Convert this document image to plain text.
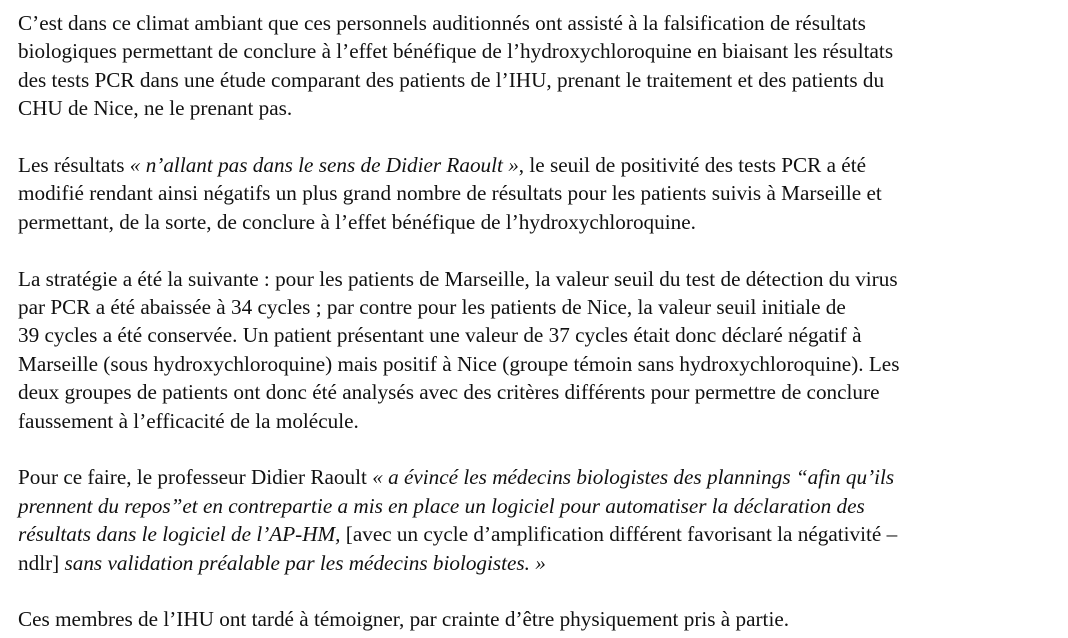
C’est dans ce climat ambiant que ces personnels auditionnés ont assisté à la falsification de résultats
biologiques permettant de conclure à l’effet bénéfique de l’hydroxychloroquine en biaisant les résultats
des tests PCR dans une étude comparant des patients de l’IHU, prenant le traitement et des patients du
CHU de Nice, ne le prenant pas.

Les résultats « n’allant pas dans le sens de Didier Raoult », le seuil de positivité des tests PCR a été
modifié rendant ainsi négatifs un plus grand nombre de résultats pour les patients suivis à Marseille et
permettant, de la sorte, de conclure à l’effet bénéfique de l’hydroxychloroquine.

La stratégie a été la suivante : pour les patients de Marseille, la valeur seuil du test de détection du virus
par PCR a été abaissée à 34 cycles ; par contre pour les patients de Nice, la valeur seuil initiale de
39 cycles a été conservée. Un patient présentant une valeur de 37 cycles était donc déclaré négatif à
Marseille (sous hydroxychloroquine) mais positif à Nice (groupe témoin sans hydroxychloroquine). Les
deux groupes de patients ont donc été analysés avec des critères différents pour permettre de conclure
faussement à l’efficacité de la molécule.

Pour ce faire, le professeur Didier Raoult « a évincé les médecins biologistes des plannings “afin qu’ils
prennent du repos”et en contrepartie a mis en place un logiciel pour automatiser la déclaration des
résultats dans le logiciel de l’AP-HM, [avec un cycle d’amplification différent favorisant la négativité –
ndlr] sans validation préalable par les médecins biologistes. »

Ces membres de l’IHU ont tardé à témoigner, par crainte d’être physiquement pris à partie.
